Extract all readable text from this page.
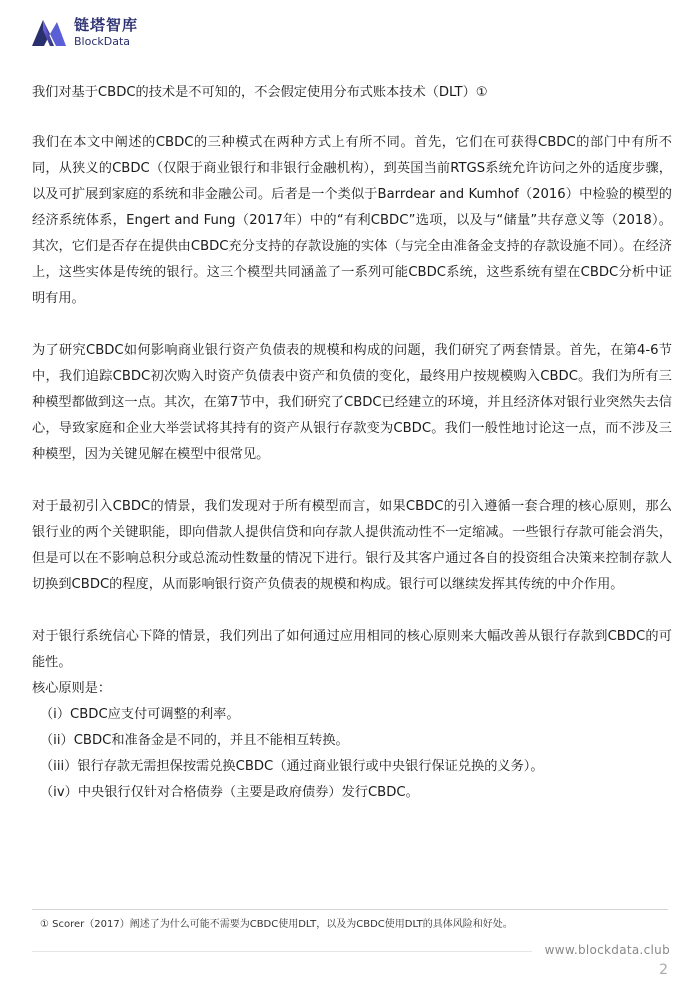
链塔智库
BlockData

我们对基于CBDC的技术是不可知的，不会假定使用分布式账本技术（DLT）①

我们在本文中阐述的CBDC的三种模式在两种方式上有所不同。首先，它们在可获得CBDC的部门中有所不同，从狭义的CBDC（仅限于商业银行和非银行金融机构），到英国当前RTGS系统允许访问之外的适度步骤，以及可扩展到家庭的系统和非金融公司。后者是一个类似于Barrdear and Kumhof（2016）中检验的模型的经济系统体系，Engert and Fung（2017年）中的“有利CBDC”选项，以及与“储量”共存意义等（2018）。其次，它们是否存在提供由CBDC充分支持的存款设施的实体（与完全由准备金支持的存款设施不同）。在经济上，这些实体是传统的银行。这三个模型共同涵盖了一系列可能CBDC系统，这些系统有望在CBDC分析中证明有用。

为了研究CBDC如何影响商业银行资产负债表的规模和构成的问题，我们研究了两套情景。首先，在第4-6节中，我们追踪CBDC初次购入时资产负债表中资产和负债的变化，最终用户按规模购入CBDC。我们为所有三种模型都做到这一点。其次，在第7节中，我们研究了CBDC已经建立的环境，并且经济体对银行业突然失去信心，导致家庭和企业大举尝试将其持有的资产从银行存款变为CBDC。我们一般性地讨论这一点，而不涉及三种模型，因为关键见解在模型中很常见。

对于最初引入CBDC的情景，我们发现对于所有模型而言，如果CBDC的引入遵循一套合理的核心原则，那么银行业的两个关键职能，即向借款人提供信贷和向存款人提供流动性不一定缩减。一些银行存款可能会消失，但是可以在不影响总积分或总流动性数量的情况下进行。银行及其客户通过各自的投资组合决策来控制存款人切换到CBDC的程度，从而影响银行资产负债表的规模和构成。银行可以继续发挥其传统的中介作用。

对于银行系统信心下降的情景，我们列出了如何通过应用相同的核心原则来大幅改善从银行存款到CBDC的可能性。

核心原则是：

（i）CBDC应支付可调整的利率。

（ii）CBDC和准备金是不同的，并且不能相互转换。

（iii）银行存款无需担保按需兑换CBDC（通过商业银行或中央银行保证兑换的义务）。

（iv）中央银行仅针对合格债券（主要是政府债券）发行CBDC。

① Scorer（2017）阐述了为什么可能不需要为CBDC使用DLT，以及为CBDC使用DLT的具体风险和好处。
www.blockdata.club
2
